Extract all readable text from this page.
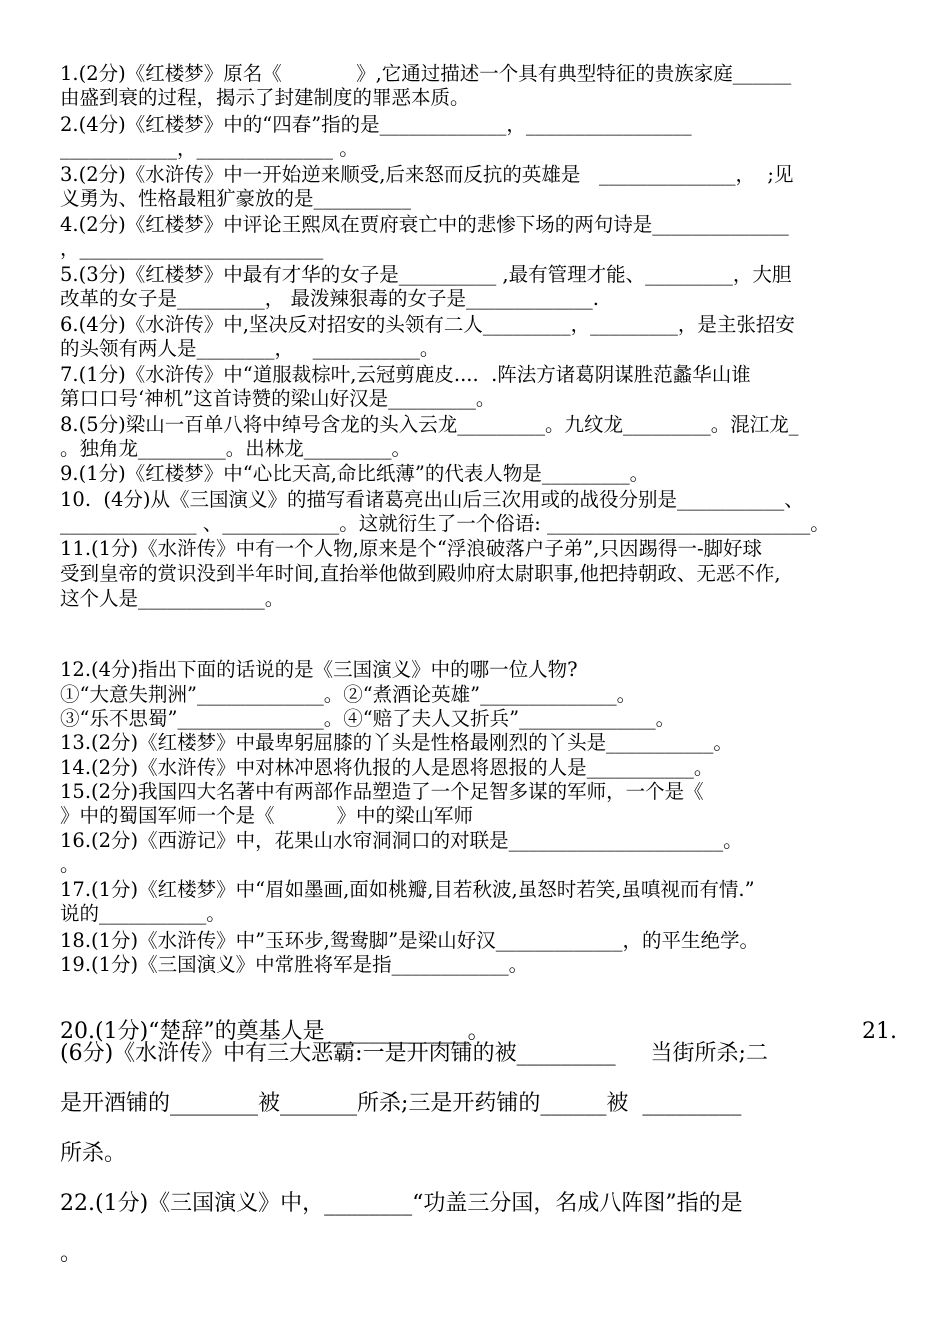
1.(2分)《红楼梦》原名《            》,它通过描述一个具有典型特征的贵族家庭______
由盛到衰的过程，揭示了封建制度的罪恶本质。
2.(4分)《红楼梦》中的“四春”指的是_____________，_________________
____________，______________ 。
3.(2分)《水浒传》中一开始逆来顺受,后来怒而反抗的英雄是   ______________，  ;见
义勇为、性格最粗犷豪放的是__________
4.(2分)《红楼梦》中评论王熙凤在贾府衰亡中的悲惨下场的两句诗是______________
，_________________________
5.(3分)《红楼梦》中最有才华的女子是__________ ,最有管理才能、_________，大胆
改革的女子是_________， 最泼辣狠毒的女子是_____________.
6.(4分)《水浒传》中,坚决反对招安的头领有二人_________，_________，是主张招安
的头领有两人是________，   ___________。
7.(1分)《水浒传》中“道服裁棕叶,云冠剪鹿皮....  .阵法方诸葛阴谋胜范蠡华山谁
第口口号‘神机”这首诗赞的梁山好汉是_________。
8.(5分)梁山一百单八将中绰号含龙的头入云龙_________。九纹龙_________。混江龙_
。独角龙_________。出林龙_________。
9.(1分)《红楼梦》中“心比天高,命比纸薄”的代表人物是_________。
10.  (4分)从《三国演义》的描写看诸葛亮出山后三次用或的战役分别是___________、
______________ 、____________。这就衍生了一个俗语: ___________________________。
11.(1分)《水浒传》中有一个人物,原来是个“浮浪破落户子弟”,只因踢得一-脚好球
受到皇帝的赏识没到半年时间,直抬举他做到殿帅府太尉职事,他把持朝政、无恶不作,
这个人是_____________。
12.(4分)指出下面的话说的是《三国演义》中的哪一位人物?
①“大意失荆洲”_____________。②“煮酒论英雄”______________。
③“乐不思蜀”_______________。④“赔了夫人又折兵”______________。
13.(2分)《红楼梦》中最卑躬屈膝的丫头是性格最刚烈的丫头是___________。
14.(2分)《水浒传》中对林冲恩将仇报的人是恩将恩报的人是___________。
15.(2分)我国四大名著中有两部作品塑造了一个足智多谋的军师，一个是《
》中的蜀国军师一个是《          》中的梁山军师
16.(2分)《西游记》中，花果山水帘洞洞口的对联是______________________。
。
17.(1分)《红楼梦》中“眉如墨画,面如桃瓣,目若秋波,虽怒时若笑,虽嗔视而有情.”
说的___________。
18.(1分)《水浒传》中”玉环步,鸳鸯脚”是梁山好汉_____________，的平生绝学。
19.(1分)《三国演义》中常胜将军是指____________。
20.(1分)“楚辞”的奠基人是_____________。	21.
(6分)《水浒传》中有三大恶霸:一是开肉铺的被_________     当街所杀;二
是开酒铺的________被_______所杀;三是开药铺的______被  _________
所杀。
22.(1分)《三国演义》中，________“功盖三分国，名成八阵图”指的是
。
